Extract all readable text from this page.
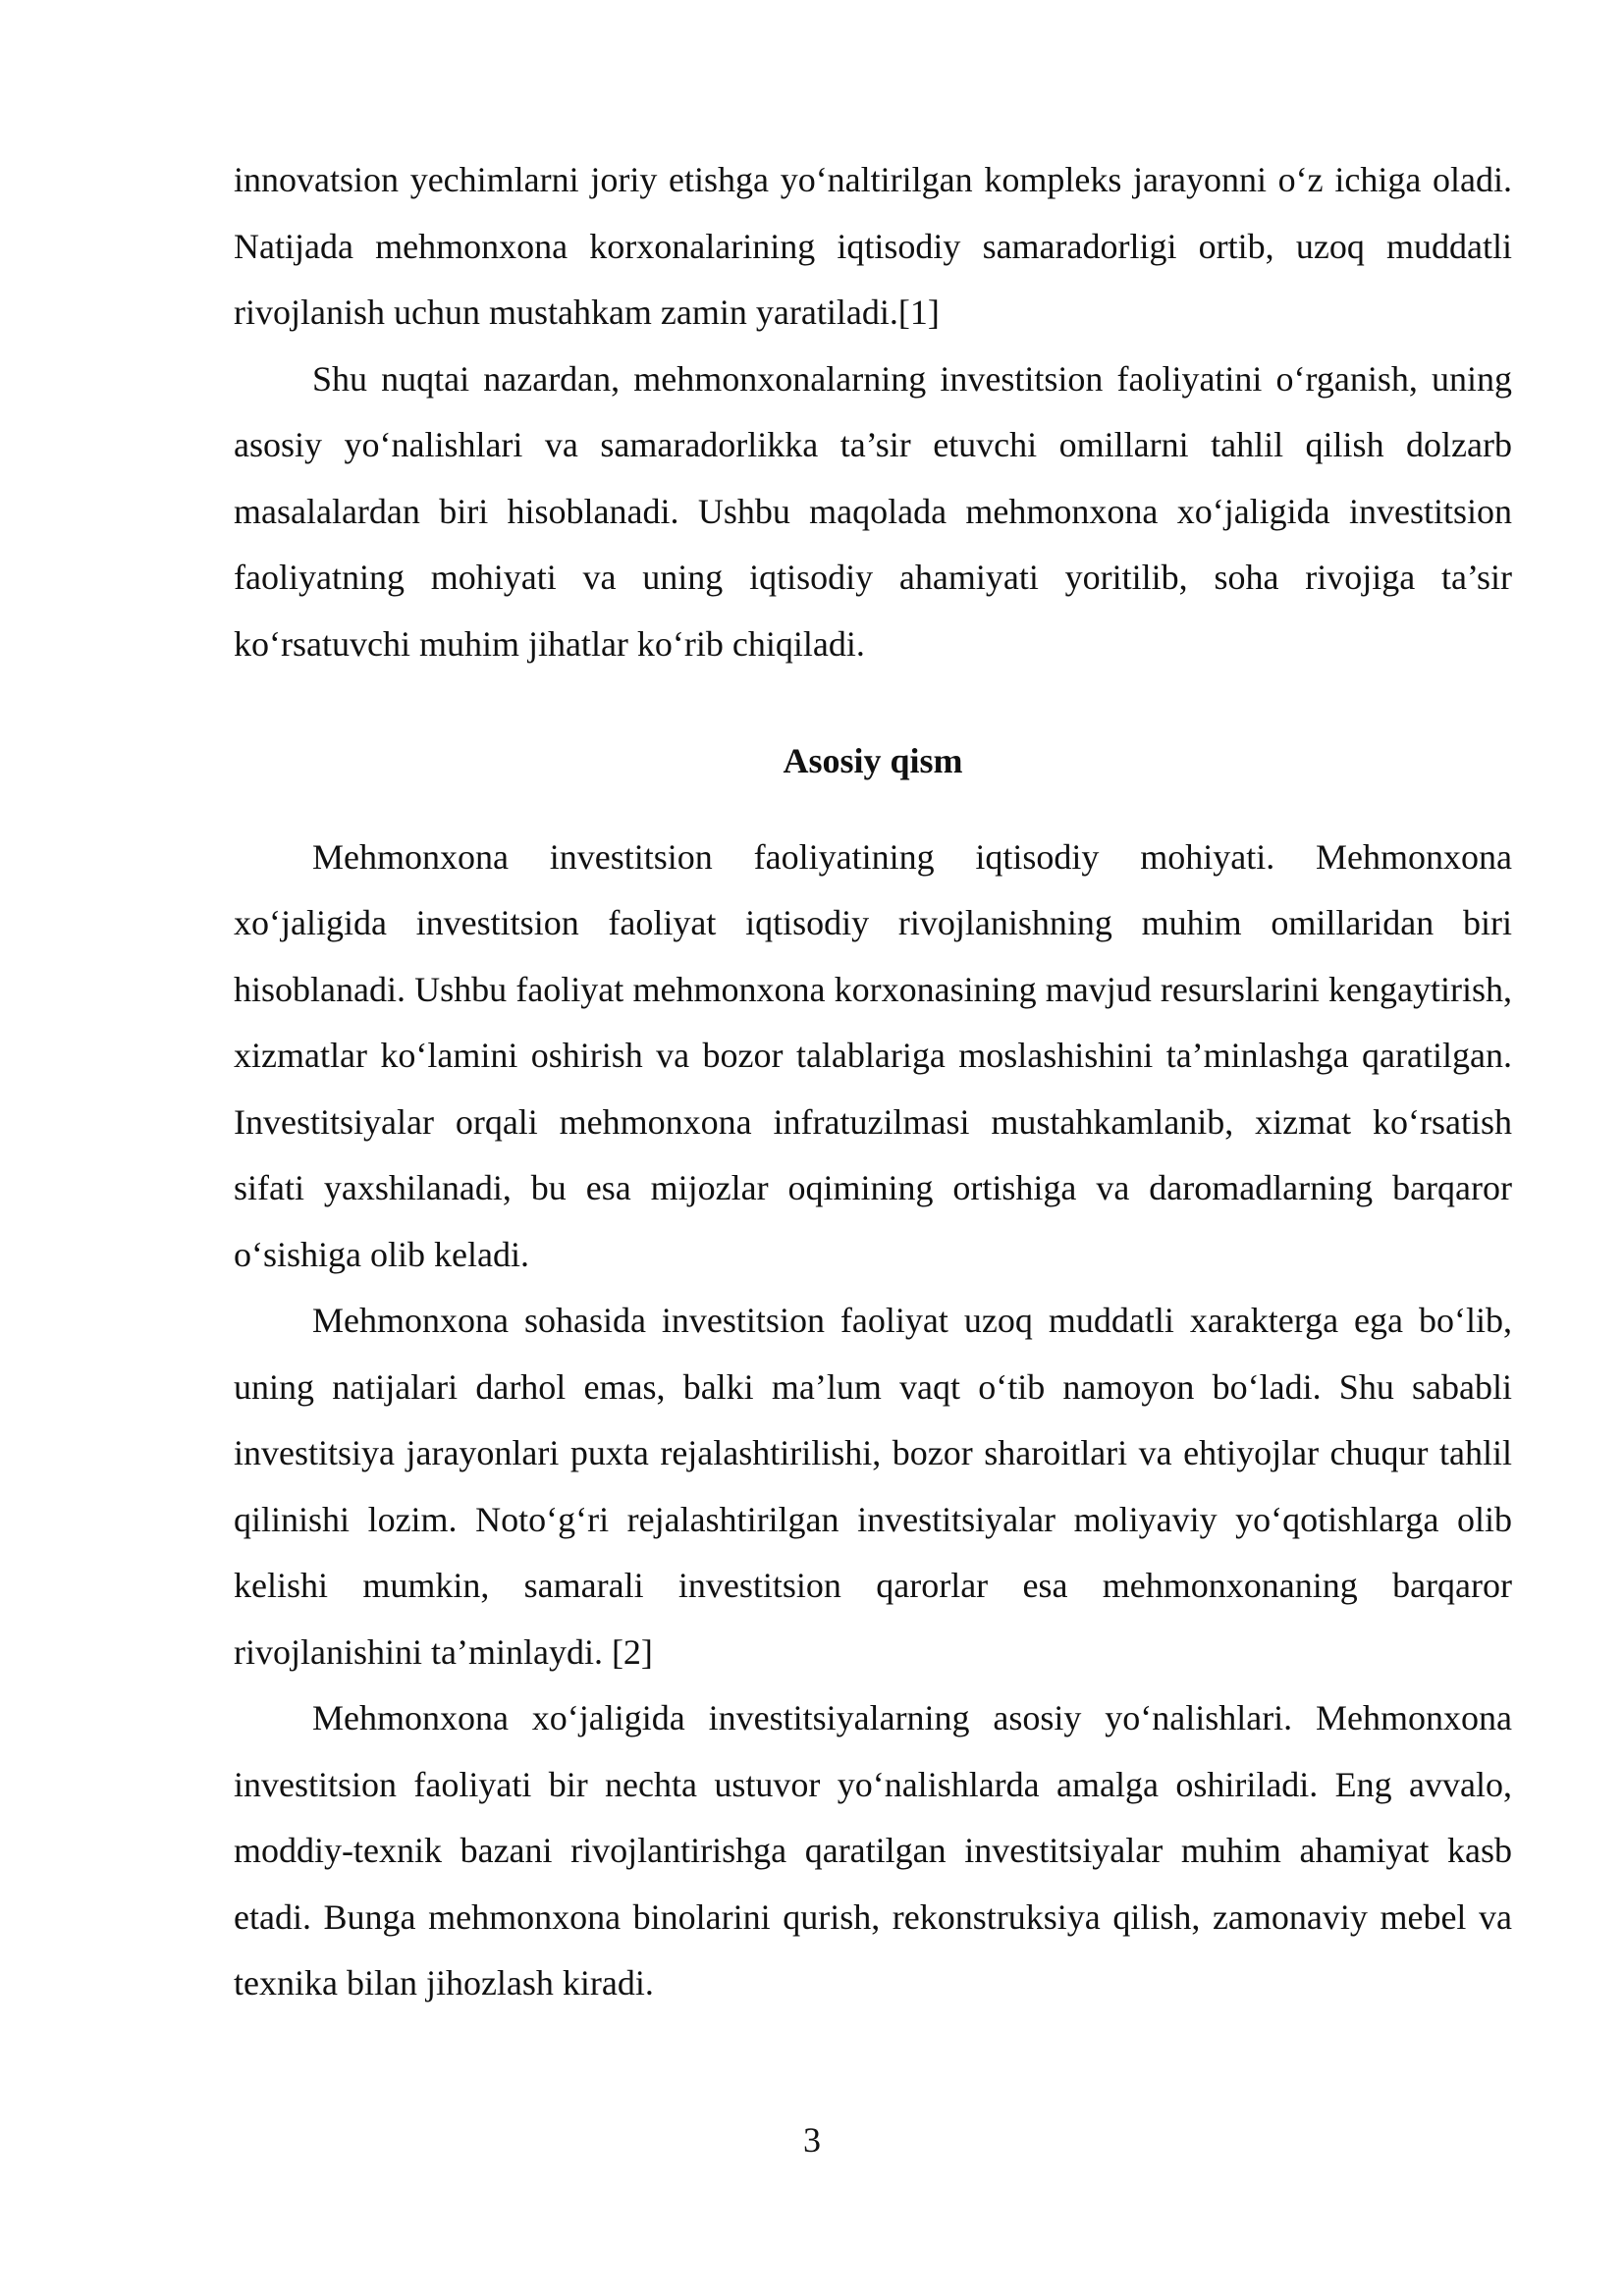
innovatsion yechimlarni joriy etishga yo‘naltirilgan kompleks jarayonni o‘z ichiga oladi. Natijada mehmonxona korxonalarining iqtisodiy samaradorligi ortib, uzoq muddatli rivojlanish uchun mustahkam zamin yaratiladi.[1]

Shu nuqtai nazardan, mehmonxonalarning investitsion faoliyatini o‘rganish, uning asosiy yo‘nalishlari va samaradorlikka ta’sir etuvchi omillarni tahlil qilish dolzarb masalalardan biri hisoblanadi. Ushbu maqolada mehmonxona xo‘jaligida investitsion faoliyatning mohiyati va uning iqtisodiy ahamiyati yoritilib, soha rivojiga ta’sir ko‘rsatuvchi muhim jihatlar ko‘rib chiqiladi.

Asosiy qism

Mehmonxona investitsion faoliyatining iqtisodiy mohiyati. Mehmonxona xo‘jaligida investitsion faoliyat iqtisodiy rivojlanishning muhim omillaridan biri hisoblanadi. Ushbu faoliyat mehmonxona korxonasining mavjud resurslarini kengaytirish, xizmatlar ko‘lamini oshirish va bozor talablariga moslashishini ta’minlashga qaratilgan. Investitsiyalar orqali mehmonxona infratuzilmasi mustahkamlanib, xizmat ko‘rsatish sifati yaxshilanadi, bu esa mijozlar oqimining ortishiga va daromadlarning barqaror o‘sishiga olib keladi.

Mehmonxona sohasida investitsion faoliyat uzoq muddatli xarakterga ega bo‘lib, uning natijalari darhol emas, balki ma’lum vaqt o‘tib namoyon bo‘ladi. Shu sababli investitsiya jarayonlari puxta rejalashtirilishi, bozor sharoitlari va ehtiyojlar chuqur tahlil qilinishi lozim. Noto‘g‘ri rejalashtirilgan investitsiyalar moliyaviy yo‘qotishlarga olib kelishi mumkin, samarali investitsion qarorlar esa mehmonxonaning barqaror rivojlanishini ta’minlaydi. [2]

Mehmonxona xo‘jaligida investitsiyalarning asosiy yo‘nalishlari. Mehmonxona investitsion faoliyati bir nechta ustuvor yo‘nalishlarda amalga oshiriladi. Eng avvalo, moddiy-texnik bazani rivojlantirishga qaratilgan investitsiyalar muhim ahamiyat kasb etadi. Bunga mehmonxona binolarini qurish, rekonstruksiya qilish, zamonaviy mebel va texnika bilan jihozlash kiradi.

3
